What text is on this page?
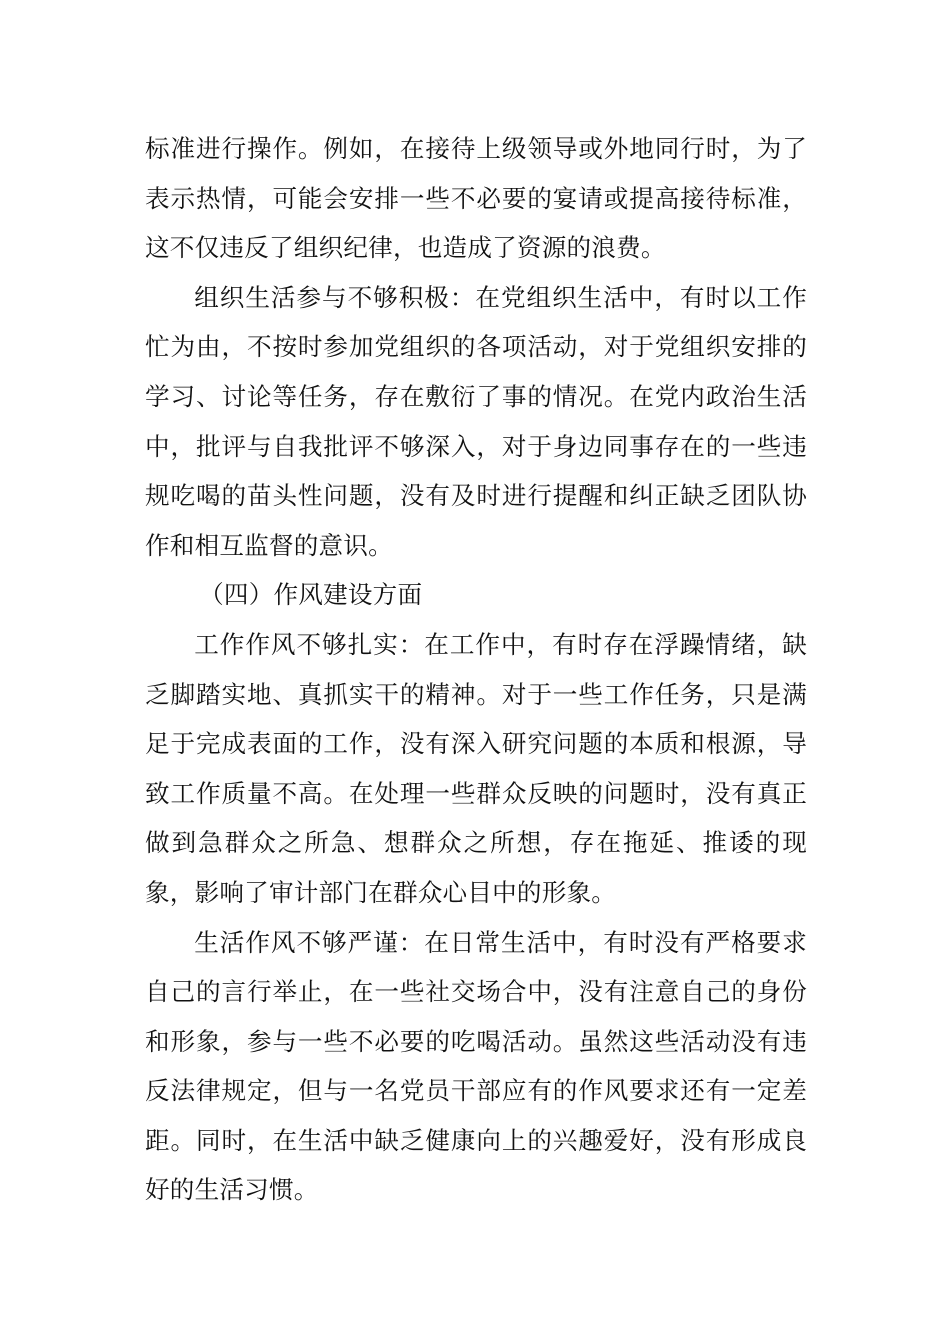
标准进行操作。例如，在接待上级领导或外地同行时，为了表示热情，可能会安排一些不必要的宴请或提高接待标准，这不仅违反了组织纪律，也造成了资源的浪费。

组织生活参与不够积极：在党组织生活中，有时以工作忙为由，不按时参加党组织的各项活动，对于党组织安排的学习、讨论等任务，存在敷衍了事的情况。在党内政治生活中，批评与自我批评不够深入，对于身边同事存在的一些违规吃喝的苗头性问题，没有及时进行提醒和纠正缺乏团队协作和相互监督的意识。

（四）作风建设方面

工作作风不够扎实：在工作中，有时存在浮躁情绪，缺乏脚踏实地、真抓实干的精神。对于一些工作任务，只是满足于完成表面的工作，没有深入研究问题的本质和根源，导致工作质量不高。在处理一些群众反映的问题时，没有真正做到急群众之所急、想群众之所想，存在拖延、推诿的现象，影响了审计部门在群众心目中的形象。

生活作风不够严谨：在日常生活中，有时没有严格要求自己的言行举止，在一些社交场合中，没有注意自己的身份和形象，参与一些不必要的吃喝活动。虽然这些活动没有违反法律规定，但与一名党员干部应有的作风要求还有一定差距。同时，在生活中缺乏健康向上的兴趣爱好，没有形成良好的生活习惯。
